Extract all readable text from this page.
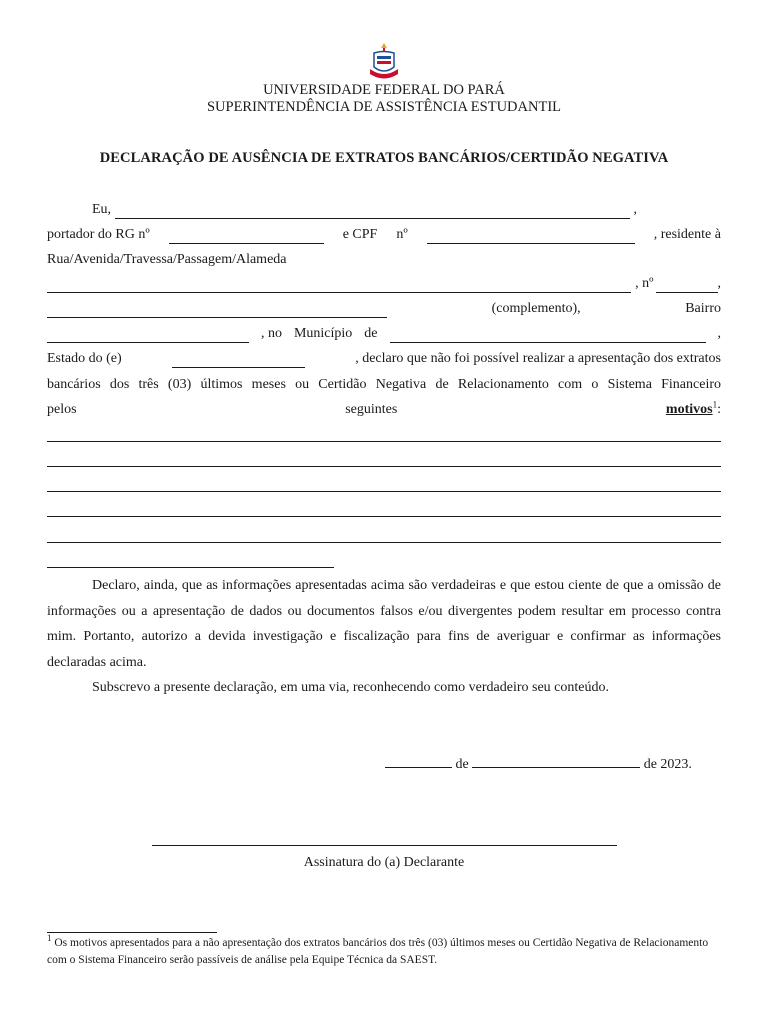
UNIVERSIDADE FEDERAL DO PARÁ
SUPERINTENDÊNCIA DE ASSISTÊNCIA ESTUDANTIL
DECLARAÇÃO DE AUSÊNCIA DE EXTRATOS BANCÁRIOS/CERTIDÃO NEGATIVA
Eu,	,
portador do RG nº	e CPF nº	, residente à
Rua/Avenida/Travessa/Passagem/Alameda
, nº	,
(complemento),	Bairro
, no Município de	,
Estado do (e)	, declaro que não foi possível realizar a apresentação dos extratos
bancários dos três (03) últimos meses ou Certidão Negativa de Relacionamento com o Sistema Financeiro
pelos	seguintes	motivos$^1$:

Declaro, ainda, que as informações apresentadas acima são verdadeiras e que estou ciente de que a omissão de informações ou a apresentação de dados ou documentos falsos e/ou divergentes podem resultar em processo contra mim. Portanto, autorizo a devida investigação e fiscalização para fins de averiguar e confirmar as informações declaradas acima.

Subscrevo a presente declaração, em uma via, reconhecendo como verdadeiro seu conteúdo.

de	de 2023.
Assinatura do (a) Declarante
$^1$ Os motivos apresentados para a não apresentação dos extratos bancários dos três (03) últimos meses ou Certidão Negativa de Relacionamento com o Sistema Financeiro serão passíveis de análise pela Equipe Técnica da SAEST.
